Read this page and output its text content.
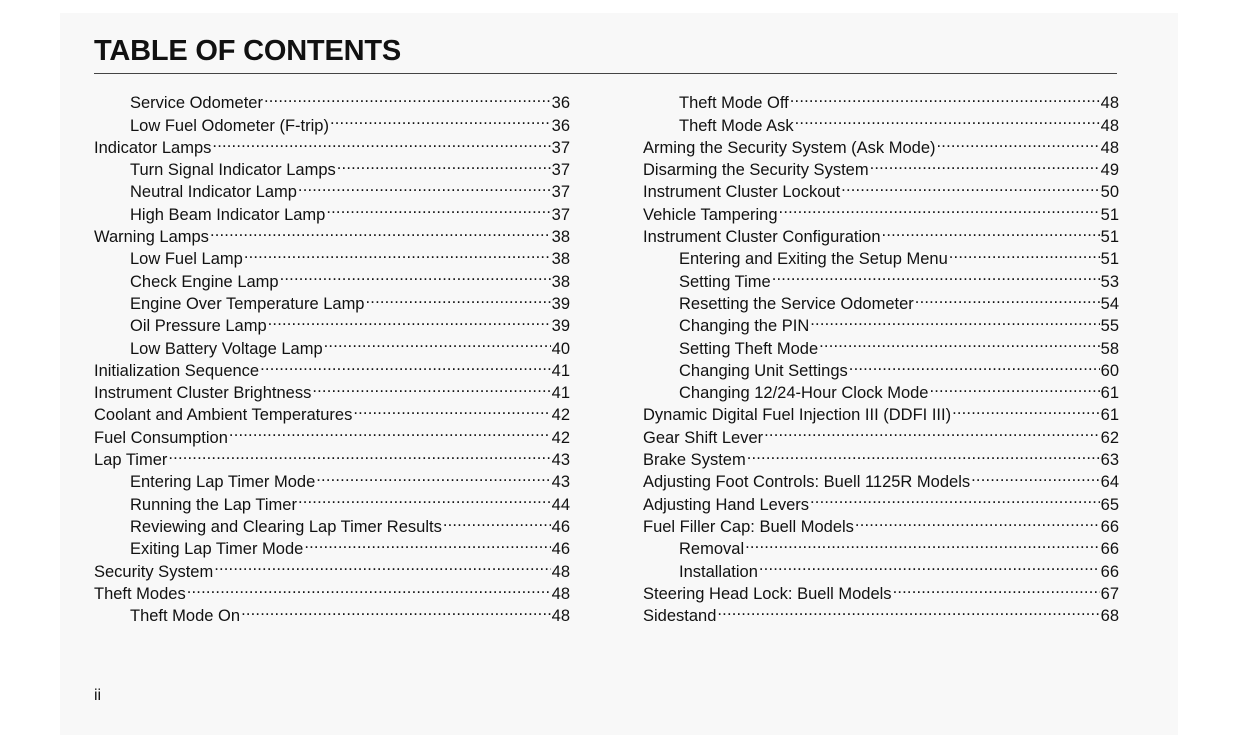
TABLE OF CONTENTS
Service Odometer .....	36
Low Fuel Odometer (F-trip) .....	36
Indicator Lamps .....	37
Turn Signal Indicator Lamps .....	37
Neutral Indicator Lamp .....	37
High Beam Indicator Lamp .....	37
Warning Lamps .....	38
Low Fuel Lamp .....	38
Check Engine Lamp .....	38
Engine Over Temperature Lamp .....	39
Oil Pressure Lamp .....	39
Low Battery Voltage Lamp .....	40
Initialization Sequence .....	41
Instrument Cluster Brightness .....	41
Coolant and Ambient Temperatures .....	42
Fuel Consumption .....	42
Lap Timer .....	43
Entering Lap Timer Mode .....	43
Running the Lap Timer .....	44
Reviewing and Clearing Lap Timer Results .....	46
Exiting Lap Timer Mode .....	46
Security System .....	48
Theft Modes .....	48
Theft Mode On .....	48
Theft Mode Off .....	48
Theft Mode Ask .....	48
Arming the Security System (Ask Mode) .....	48
Disarming the Security System .....	49
Instrument Cluster Lockout .....	50
Vehicle Tampering .....	51
Instrument Cluster Configuration .....	51
Entering and Exiting the Setup Menu .....	51
Setting Time .....	53
Resetting the Service Odometer .....	54
Changing the PIN .....	55
Setting Theft Mode .....	58
Changing Unit Settings .....	60
Changing 12/24-Hour Clock Mode .....	61
Dynamic Digital Fuel Injection III (DDFI III) .....	61
Gear Shift Lever .....	62
Brake System .....	63
Adjusting Foot Controls: Buell 1125R Models .....	64
Adjusting Hand Levers .....	65
Fuel Filler Cap: Buell Models .....	66
Removal .....	66
Installation .....	66
Steering Head Lock: Buell Models .....	67
Sidestand .....	68

ii
